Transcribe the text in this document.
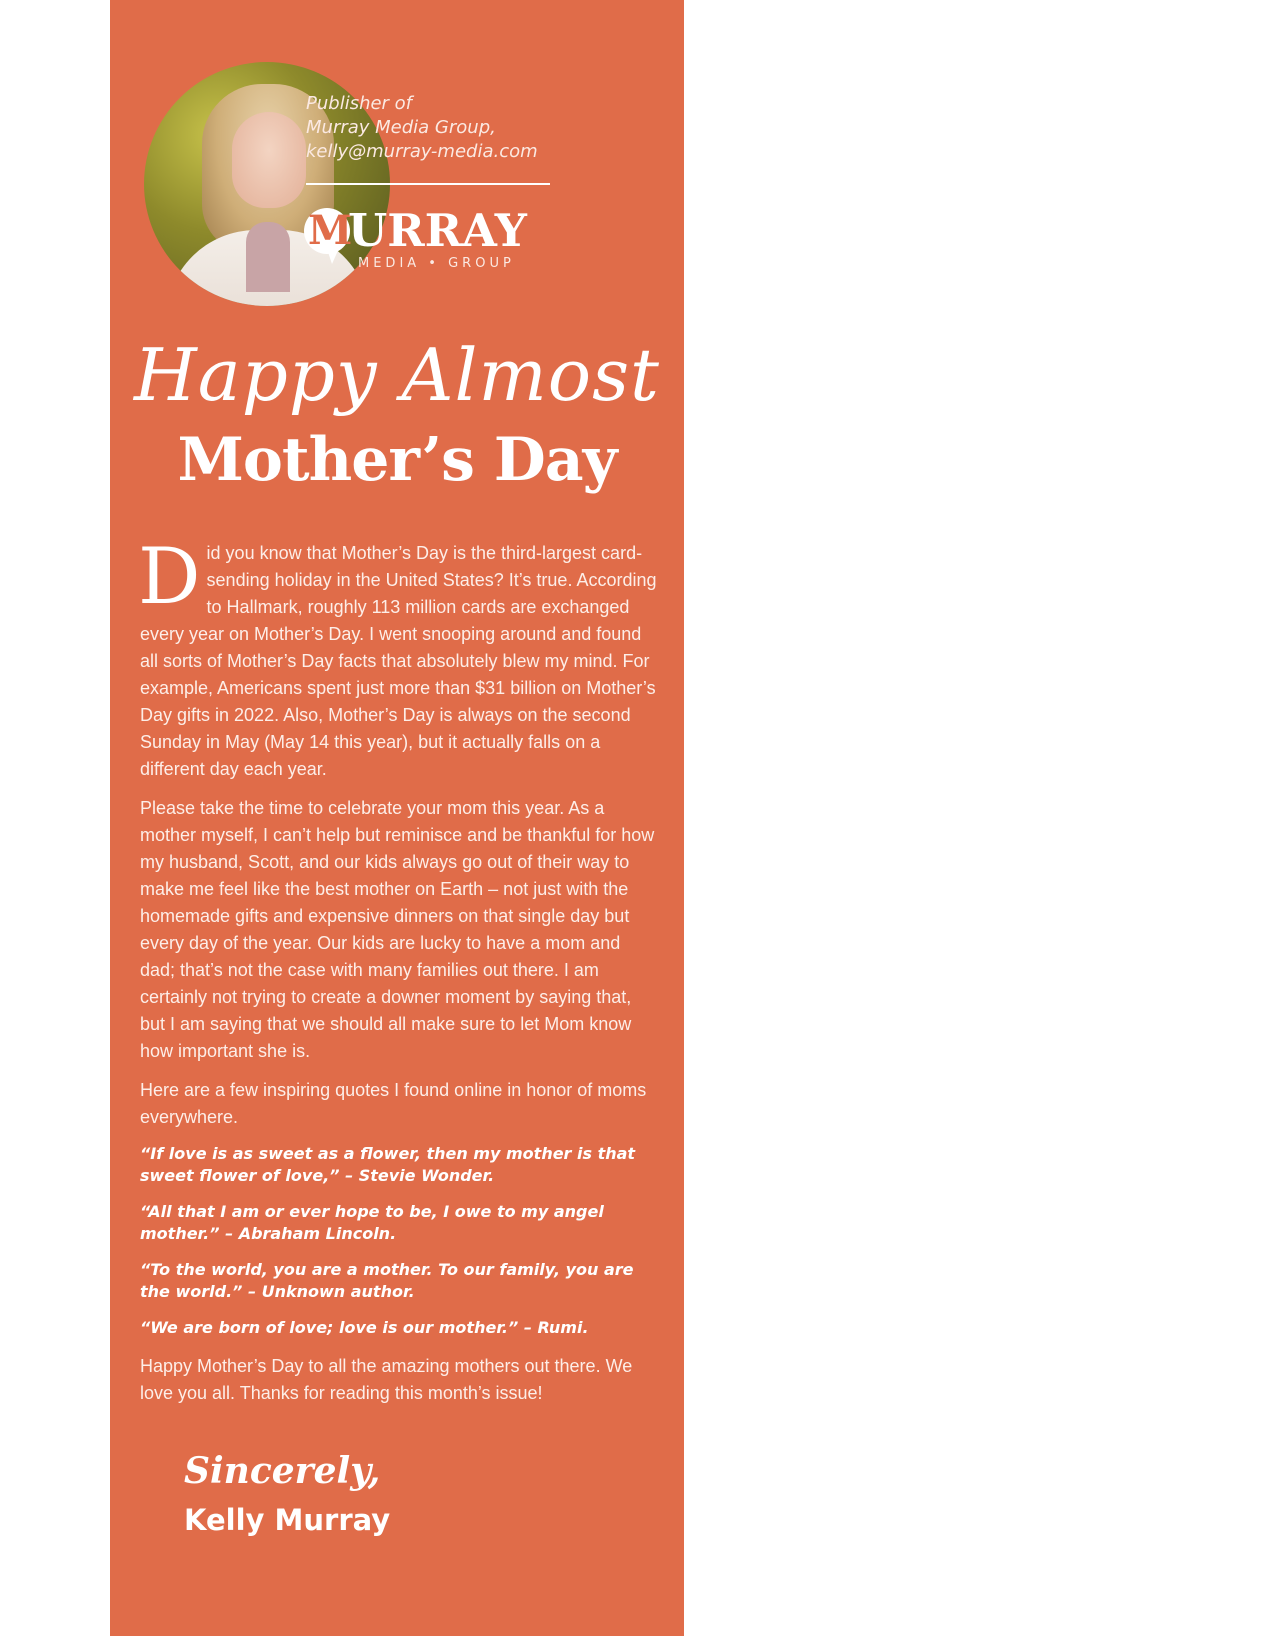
Publisher of
Murray Media Group,
kelly@murray-media.com
M
URRAY
MEDIA • GROUP
Happy Almost
Mother’s Day

Did you know that Mother’s Day is the third-largest card-sending holiday in the United States? It’s true. According to Hallmark, roughly 113 million cards are exchanged every year on Mother’s Day. I went snooping around and found all sorts of Mother’s Day facts that absolutely blew my mind. For example, Americans spent just more than $31 billion on Mother’s Day gifts in 2022. Also, Mother’s Day is always on the second Sunday in May (May 14 this year), but it actually falls on a different day each year.

Please take the time to celebrate your mom this year. As a mother myself, I can’t help but reminisce and be thankful for how my husband, Scott, and our kids always go out of their way to make me feel like the best mother on Earth – not just with the homemade gifts and expensive dinners on that single day but every day of the year. Our kids are lucky to have a mom and dad; that’s not the case with many families out there. I am certainly not trying to create a downer moment by saying that, but I am saying that we should all make sure to let Mom know how important she is.

Here are a few inspiring quotes I found online in honor of moms everywhere.

“If love is as sweet as a flower, then my mother is that sweet flower of love,” – Stevie Wonder.
“All that I am or ever hope to be, I owe to my angel mother.” – Abraham Lincoln.
“To the world, you are a mother. To our family, you are the world.” – Unknown author.
“We are born of love; love is our mother.” – Rumi.

Happy Mother’s Day to all the amazing mothers out there. We love you all. Thanks for reading this month’s issue!

Sincerely,
Kelly Murray
